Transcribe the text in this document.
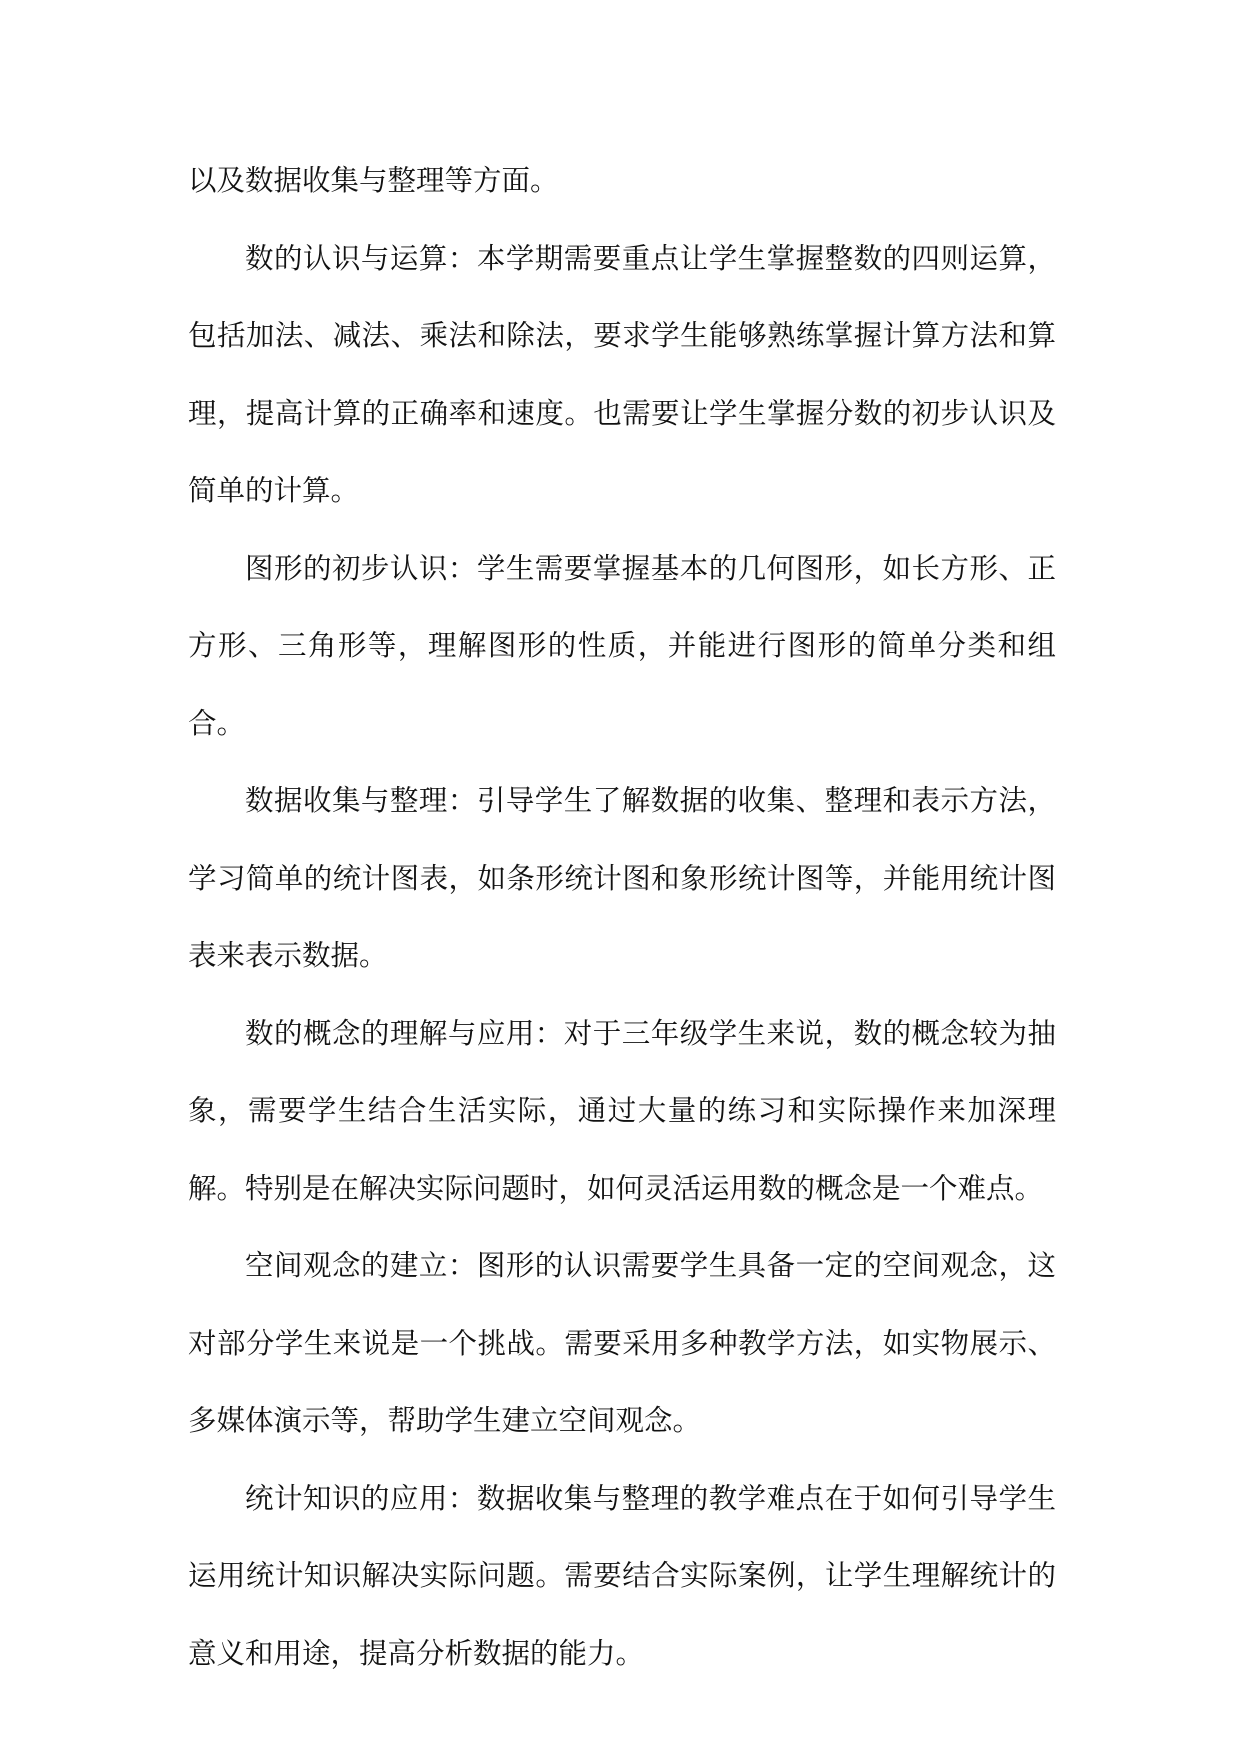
以及数据收集与整理等方面。

数的认识与运算：本学期需要重点让学生掌握整数的四则运算，包括加法、减法、乘法和除法，要求学生能够熟练掌握计算方法和算理，提高计算的正确率和速度。也需要让学生掌握分数的初步认识及简单的计算。

图形的初步认识：学生需要掌握基本的几何图形，如长方形、正方形、三角形等，理解图形的性质，并能进行图形的简单分类和组合。

数据收集与整理：引导学生了解数据的收集、整理和表示方法，学习简单的统计图表，如条形统计图和象形统计图等，并能用统计图表来表示数据。

数的概念的理解与应用：对于三年级学生来说，数的概念较为抽象，需要学生结合生活实际，通过大量的练习和实际操作来加深理解。特别是在解决实际问题时，如何灵活运用数的概念是一个难点。

空间观念的建立：图形的认识需要学生具备一定的空间观念，这对部分学生来说是一个挑战。需要采用多种教学方法，如实物展示、多媒体演示等，帮助学生建立空间观念。

统计知识的应用：数据收集与整理的教学难点在于如何引导学生运用统计知识解决实际问题。需要结合实际案例，让学生理解统计的意义和用途，提高分析数据的能力。
